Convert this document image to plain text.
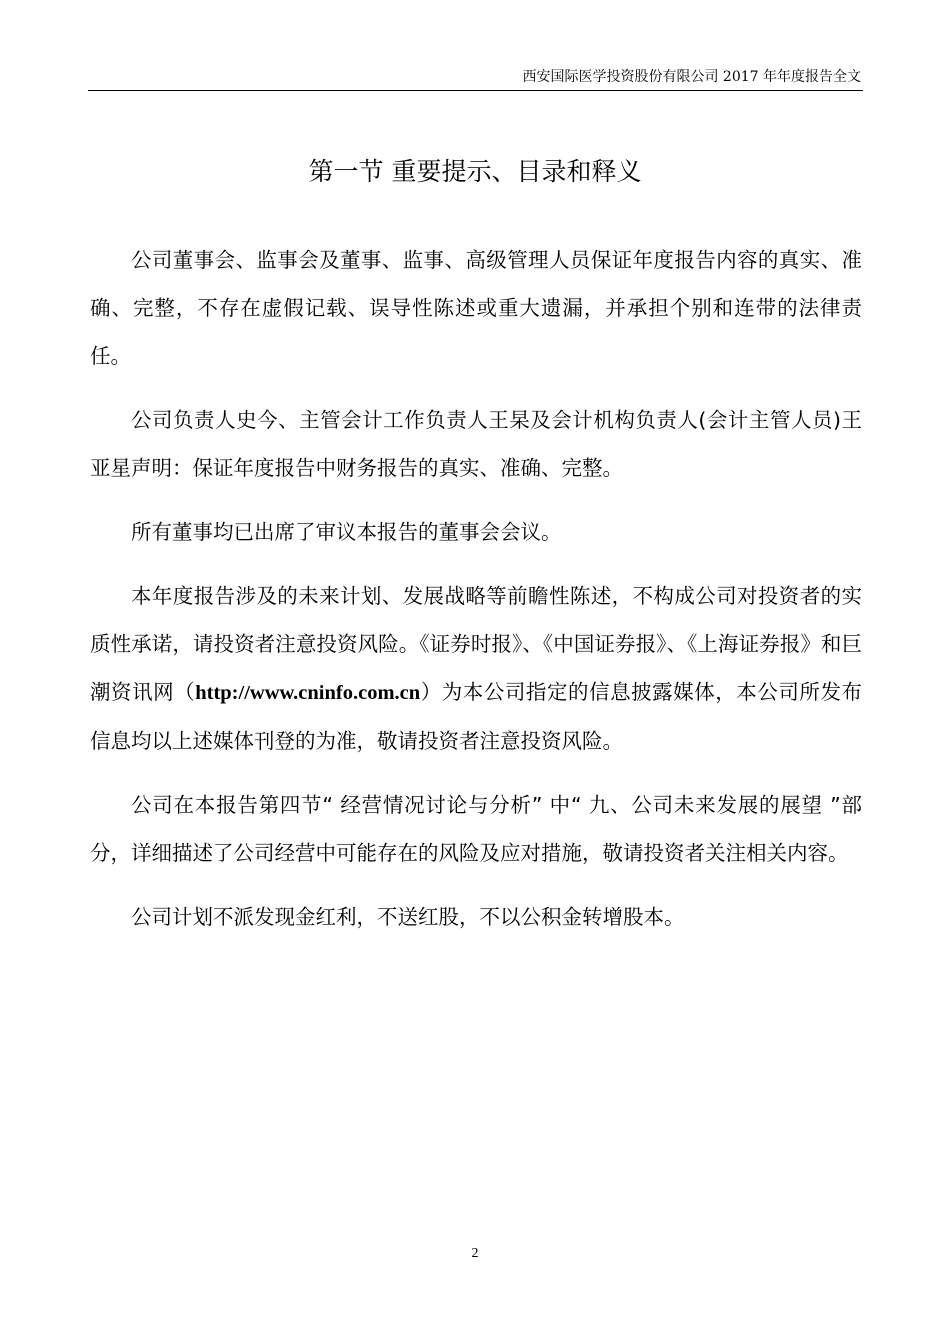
西安国际医学投资股份有限公司 2017 年年度报告全文
第一节 重要提示、目录和释义

公司董事会、监事会及董事、监事、高级管理人员保证年度报告内容的真实、准确、完整，不存在虚假记载、误导性陈述或重大遗漏，并承担个别和连带的法律责任。

公司负责人史今、主管会计工作负责人王杲及会计机构负责人(会计主管人员)王亚星声明：保证年度报告中财务报告的真实、准确、完整。

所有董事均已出席了审议本报告的董事会会议。

本年度报告涉及的未来计划、发展战略等前瞻性陈述，不构成公司对投资者的实质性承诺，请投资者注意投资风险。《证券时报》、《中国证券报》、《上海证券报》和巨潮资讯网（http://www.cninfo.com.cn）为本公司指定的信息披露媒体，本公司所发布信息均以上述媒体刊登的为准，敬请投资者注意投资风险。

公司在本报告第四节“ 经营情况讨论与分析” 中“ 九、公司未来发展的展望 ”部分，详细描述了公司经营中可能存在的风险及应对措施，敬请投资者关注相关内容。

公司计划不派发现金红利，不送红股，不以公积金转增股本。

2
